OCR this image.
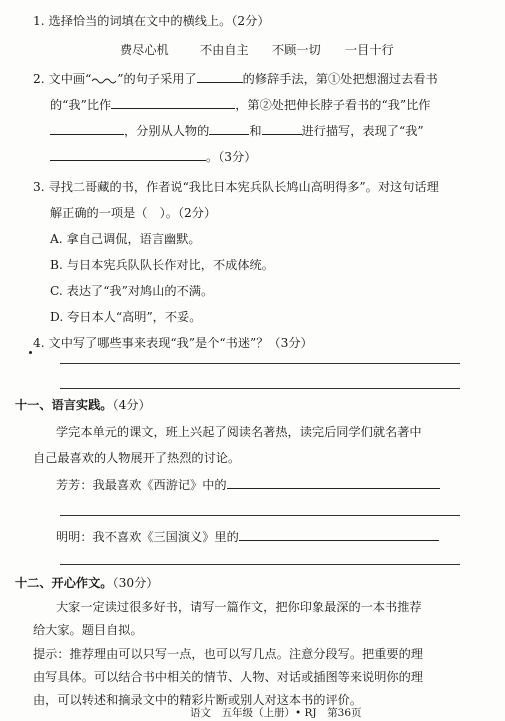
1. 选择恰当的词填在文中的横线上。（2分）
费尽心机	不由自主 不顾一切 一目十行
2. 文中画“ ”的句子采用了	的修辞手法，第①处把想溜过去看书
的“我”比作	，第②处把伸长脖子看书的“我”比作
，分别从人物的	和	进行描写，表现了“我”
。（3分）
3. 寻找二哥藏的书，作者说“我比日本宪兵队长鸠山高明得多”。对这句话理
解正确的一项是（　）。（2分）
A. 拿自己调侃，语言幽默。
B. 与日本宪兵队队长作对比，不成体统。
C. 表达了“我”对鸠山的不满。
D. 夸日本人“高明”，不妥。
4. 文中写了哪些事来表现“我”是个“书迷”？（3分）
十一、语言实践。（4分）
学完本单元的课文，班上兴起了阅读名著热，读完后同学们就名著中
自己最喜欢的人物展开了热烈的讨论。
芳芳：我最喜欢《西游记》中的
明明：我不喜欢《三国演义》里的
十二、开心作文。（30分）
大家一定读过很多好书，请写一篇作文，把你印象最深的一本书推荐
给大家。题目自拟。
提示：推荐理由可以只写一点，也可以写几点。注意分段写。把重要的理
由写具体。可以结合书中相关的情节、人物、对话或插图等来说明你的理
由，可以转述和摘录文中的精彩片断或别人对这本书的评价。
语文　五年级（上册）• RJ　第36页
